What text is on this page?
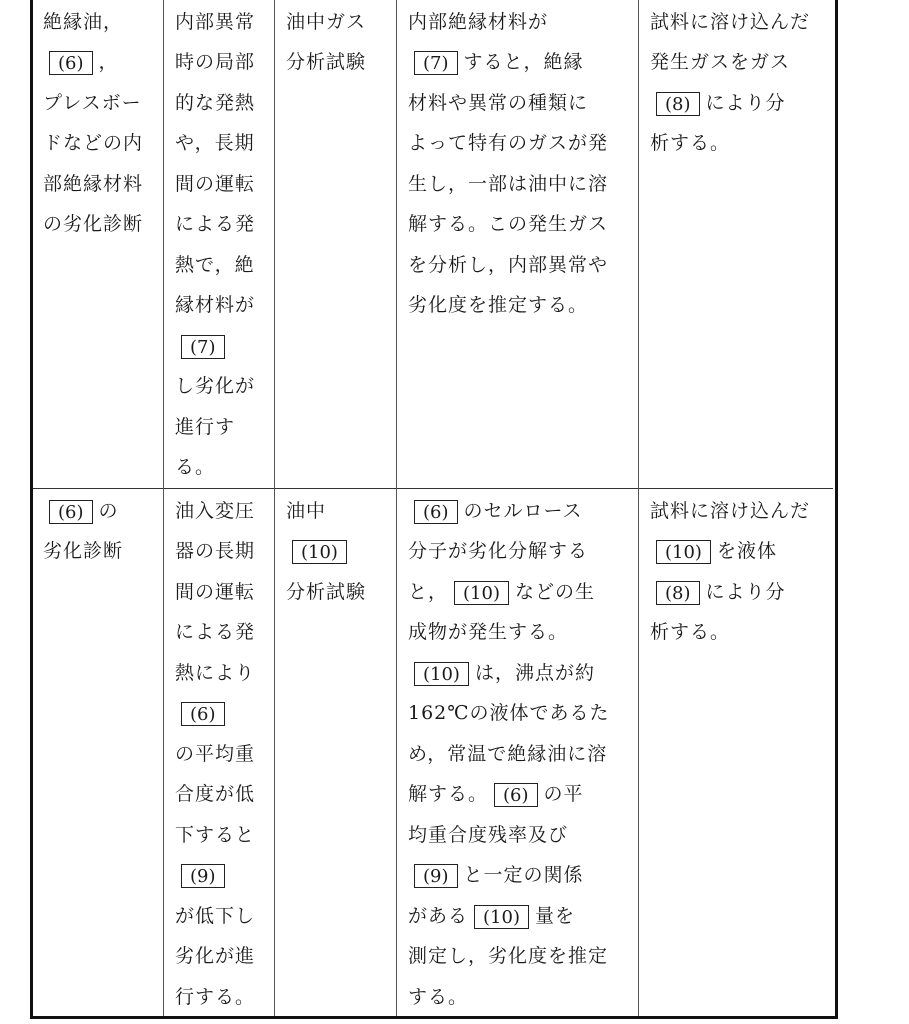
絶縁油，
(6) ，
プレスボー
ドなどの内
部絶縁材料
の劣化診断
内部異常
時の局部
的な発熱
や，長期
間の運転
による発
熱で，絶
縁材料が
(7)
し劣化が
進行す
る。
油中ガス
分析試験
内部絶縁材料が
(7) すると，絶縁
材料や異常の種類に
よって特有のガスが発
生し，一部は油中に溶
解する。この発生ガス
を分析し，内部異常や
劣化度を推定する。
試料に溶け込んだ
発生ガスをガス
(8) により分
析する。
(6) の
劣化診断
油入変圧
器の長期
間の運転
による発
熱により
(6)
の平均重
合度が低
下すると
(9)
が低下し
劣化が進
行する。
油中
(10)
分析試験
(6) のセルロース
分子が劣化分解する
と， (10) などの生
成物が発生する。
(10) は，沸点が約
162℃の液体であるた
め，常温で絶縁油に溶
解する。 (6) の平
均重合度残率及び
(9) と一定の関係
がある (10) 量を
測定し，劣化度を推定
する。
試料に溶け込んだ
(10) を液体
(8) により分
析する。
